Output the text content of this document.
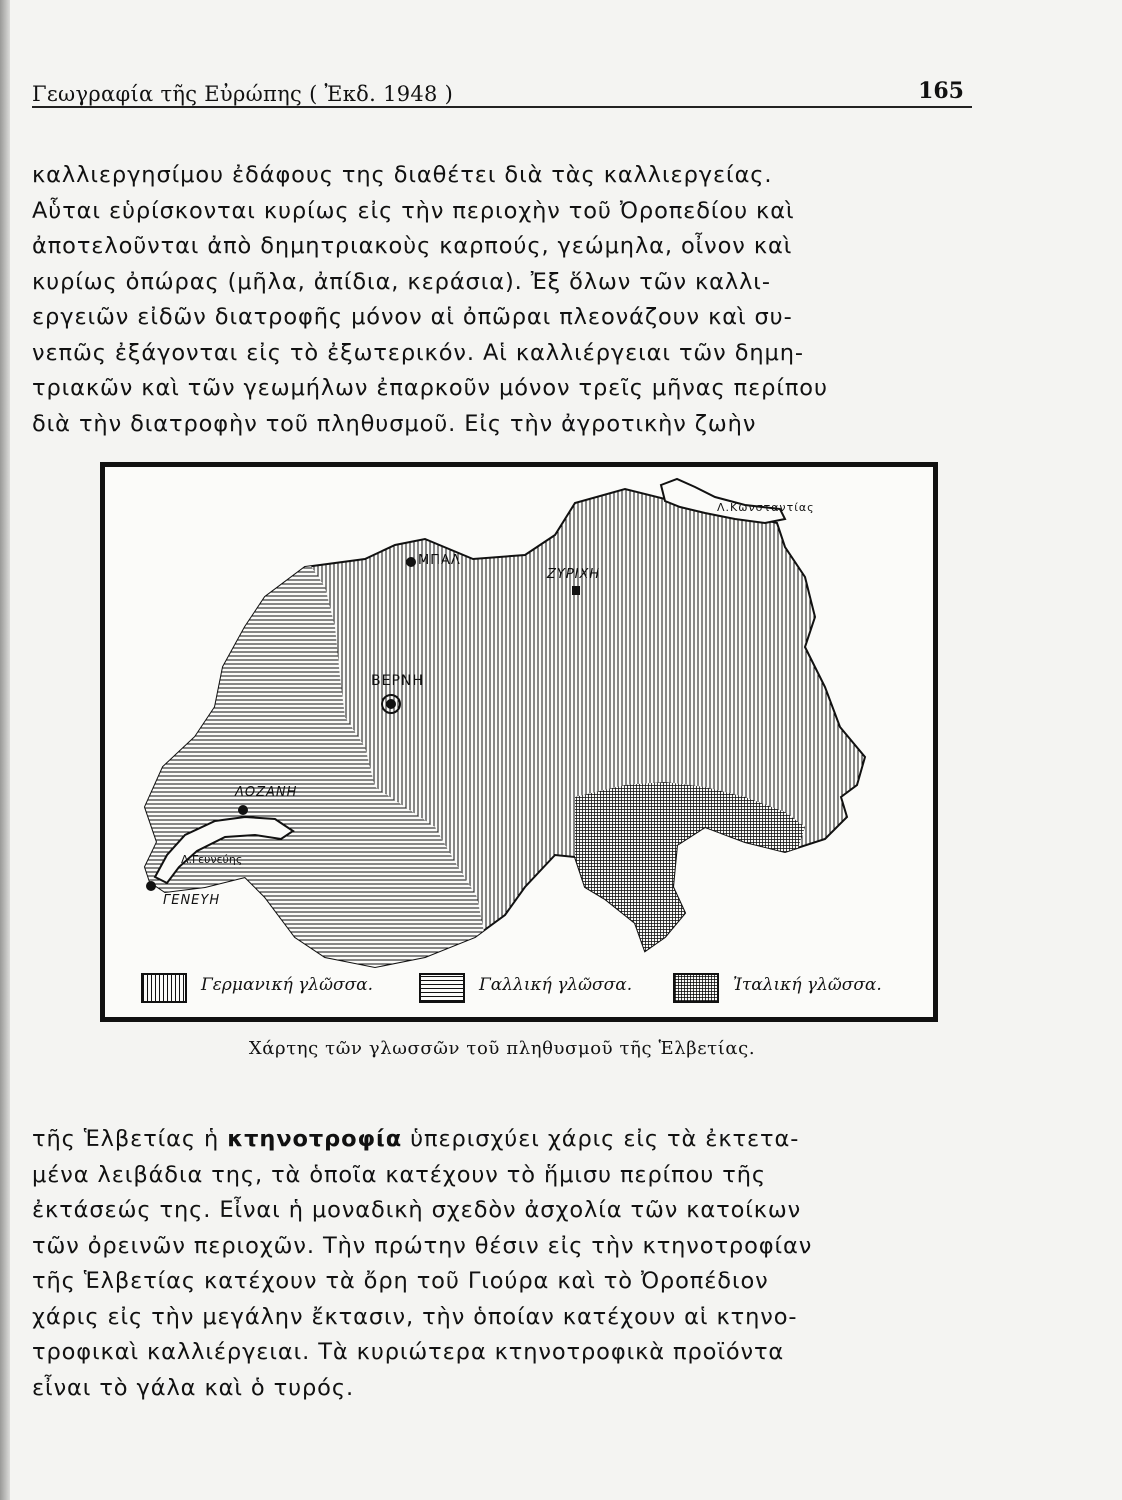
Γεωγραφία τῆς Εὐρώπης ( Ἐκδ. 1948 )	165

καλλιεργησίμου ἐδάφους της διαθέτει διὰ τὰς καλλιεργείας.
Αὗται εὑρίσκονται κυρίως εἰς τὴν περιοχὴν τοῦ Ὀροπεδίου καὶ
ἀποτελοῦνται ἀπὸ δημητριακοὺς καρπούς, γεώμηλα, οἶνον καὶ
κυρίως ὀπώρας (μῆλα, ἀπίδια, κεράσια). Ἐξ ὅλων τῶν καλλι-
εργειῶν εἰδῶν διατροφῆς μόνον αἱ ὀπῶραι πλεονάζουν καὶ συ-
νεπῶς ἐξάγονται εἰς τὸ ἐξωτερικόν. Αἱ καλλιέργειαι τῶν δημη-
τριακῶν καὶ τῶν γεωμήλων ἐπαρκοῦν μόνον τρεῖς μῆνας περίπου
διὰ τὴν διατροφὴν τοῦ πληθυσμοῦ. Εἰς τὴν ἀγροτικὴν ζωὴν

Λ.Κωνσταντίας
ΜΠΑΛ
ΖΥΡΙΧΗ
ΒΕΡΝΗ
ΛΟΖΑΝΗ
Λ.Γευνεύης
ΓΕΝΕΥΗ
Γερμανική γλῶσσα.	Γαλλική γλῶσσα.	Ἰταλική γλῶσσα.
Χάρτης τῶν γλωσσῶν τοῦ πληθυσμοῦ τῆς Ἑλβετίας.

τῆς Ἑλβετίας ἡ κτηνοτροφία ὑπερισχύει χάρις εἰς τὰ ἐκτετα-
μένα λειβάδια της, τὰ ὁποῖα κατέχουν τὸ ἥμισυ περίπου τῆς
ἐκτάσεώς της. Εἶναι ἡ μοναδικὴ σχεδὸν ἀσχολία τῶν κατοίκων
τῶν ὀρεινῶν περιοχῶν. Τὴν πρώτην θέσιν εἰς τὴν κτηνοτροφίαν
τῆς Ἑλβετίας κατέχουν τὰ ὄρη τοῦ Γιούρα καὶ τὸ Ὀροπέδιον
χάρις εἰς τὴν μεγάλην ἔκτασιν, τὴν ὁποίαν κατέχουν αἱ κτηνο-
τροφικαὶ καλλιέργειαι. Τὰ κυριώτερα κτηνοτροφικὰ προϊόντα
εἶναι τὸ γάλα καὶ ὁ τυρός.
